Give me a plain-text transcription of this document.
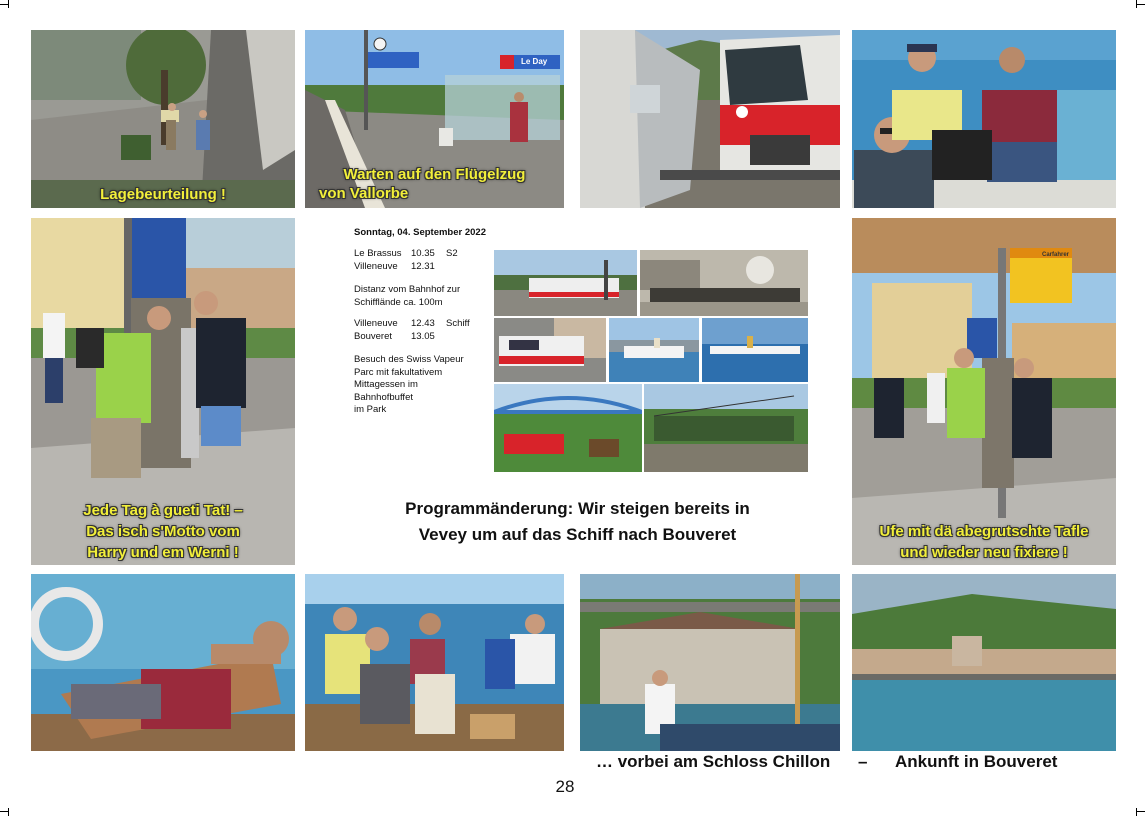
Lagebeurteilung !
Warten auf den Flügelzug
von Vallorbe
Le Day
Jede Tag à gueti Tat! –
Das isch s'Motto vom
Harry und em Werni !
Sonntag, 04. September 2022
Le Brassus 10.35	S2
Villeneuve	12.31
Distanz vom Bahnhof zur
Schifflände ca. 100m
Villeneuve	12.43	Schiff
Bouveret	13.05
Besuch des Swiss Vapeur
Parc mit fakultativem
Mittagessen im
Bahnhofbuffet
im Park
Programmänderung: Wir steigen bereits in
Vevey um auf das Schiff nach Bouveret
Carfahrer
Ufe mit dä abegrutschte Tafle
und wieder neu fixiere !
… vorbei am Schloss Chillon – Ankunft in Bouveret
28
